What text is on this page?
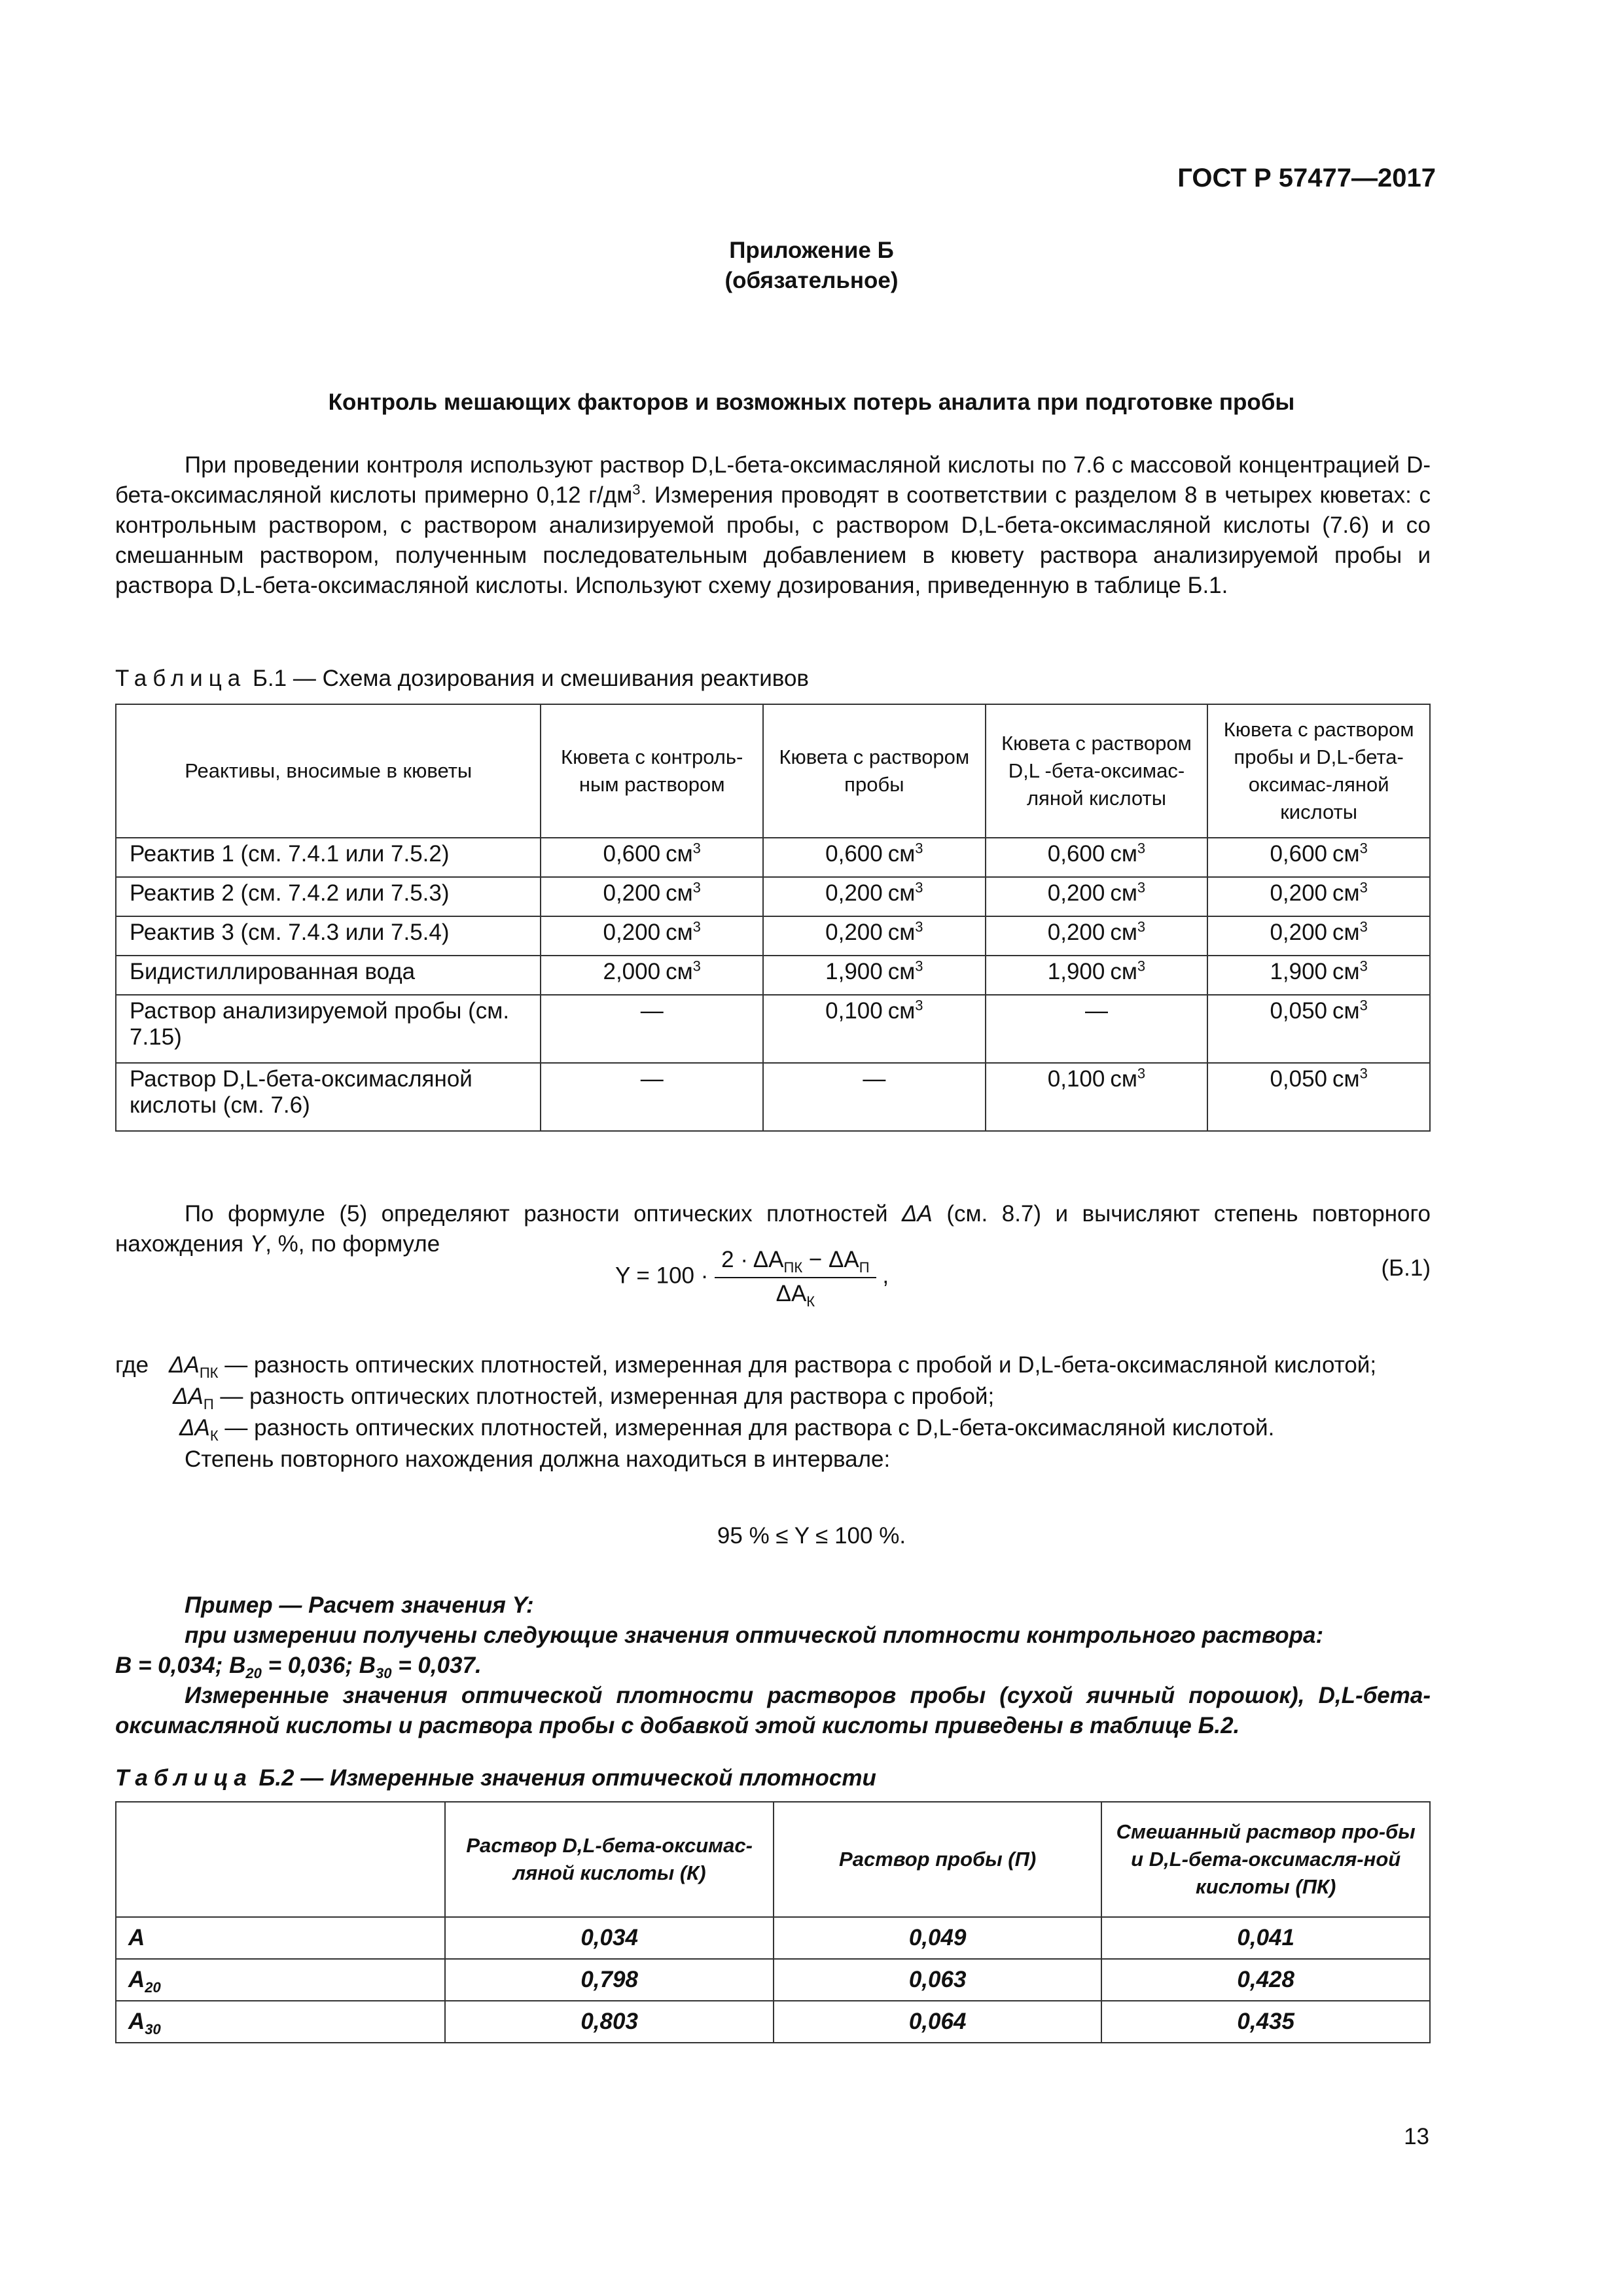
ГОСТ Р 57477—2017
Приложение Б
(обязательное)
Контроль мешающих факторов и возможных потерь аналита при подготовке пробы
При проведении контроля используют раствор D,L-бета-оксимасляной кислоты по 7.6 с массовой концентрацией D-бета-оксимасляной кислоты примерно 0,12 $г/дм^3$. Измерения проводят в соответствии с разделом 8 в четырех кюветах: с контрольным раствором, с раствором анализируемой пробы, с раствором D,L-бета-оксимасляной кислоты (7.6) и со смешанным раствором, полученным последовательным добавлением в кювету раствора анализируемой пробы и раствора D,L-бета-оксимасляной кислоты. Используют схему дозирования, приведенную в таблице Б.1.
Таблица Б.1 — Схема дозирования и смешивания реактивов
Реактивы, вносимые в кюветы	Кювета с контроль-ным раствором	Кювета с раствором пробы	Кювета с раствором D,L -бета-оксимас-ляной кислоты	Кювета с раствором пробы и D,L-бета-оксимас-ляной кислоты
Реактив 1 (см. 7.4.1 или 7.5.2)	0,600 $см^3$	0,600 $см^3$	0,600 $см^3$	0,600 $см^3$
Реактив 2 (см. 7.4.2 или 7.5.3)	0,200 $см^3$	0,200 $см^3$	0,200 $см^3$	0,200 $см^3$
Реактив 3 (см. 7.4.3 или 7.5.4)	0,200 $см^3$	0,200 $см^3$	0,200 $см^3$	0,200 $см^3$
Бидистиллированная вода	2,000 $см^3$	1,900 $см^3$	1,900 $см^3$	1,900 $см^3$
Раствор анализируемой пробы (см. 7.15)	—	0,100 $см^3$	—	0,050 $см^3$
Раствор D,L-бета-оксимасляной кислоты (см. 7.6)	—	—	0,100 $см^3$	0,050 $см^3$
По формуле (5) определяют разности оптических плотностей ΔA (см. 8.7) и вычисляют степень повторного нахождения Y, %, по формуле
$Y = 100 \cdot \frac{2 \cdot \Delta A_{ПК} - \Delta A_П}{\Delta A_К}$ ,	(Б.1)
где $\Delta A_{ПК}$ — разность оптических плотностей, измеренная для раствора с пробой и D,L-бета-оксимасляной кислотой;
$\Delta A_П$ — разность оптических плотностей, измеренная для раствора с пробой;
$\Delta A_К$ — разность оптических плотностей, измеренная для раствора с D,L-бета-оксимасляной кислотой.
Степень повторного нахождения должна находиться в интервале:
95 % ≤ Y ≤ 100 %.
Пример — Расчет значения Y:
при измерении получены следующие значения оптической плотности контрольного раствора:
B = 0,034; $B_{20} = 0,036$; $B_{30} = 0,037$.
Измеренные значения оптической плотности растворов пробы (сухой яичный порошок), D,L-бета-оксимасляной кислоты и раствора пробы с добавкой этой кислоты приведены в таблице Б.2.
Таблица Б.2 — Измеренные значения оптической плотности
	Раствор D,L-бета-оксимас-ляной кислоты (К)	Раствор пробы (П)	Смешанный раствор про-бы и D,L-бета-оксимасля-ной кислоты (ПК)
A	0,034	0,049	0,041
$A_{20}$	0,798	0,063	0,428
$A_{30}$	0,803	0,064	0,435
13
